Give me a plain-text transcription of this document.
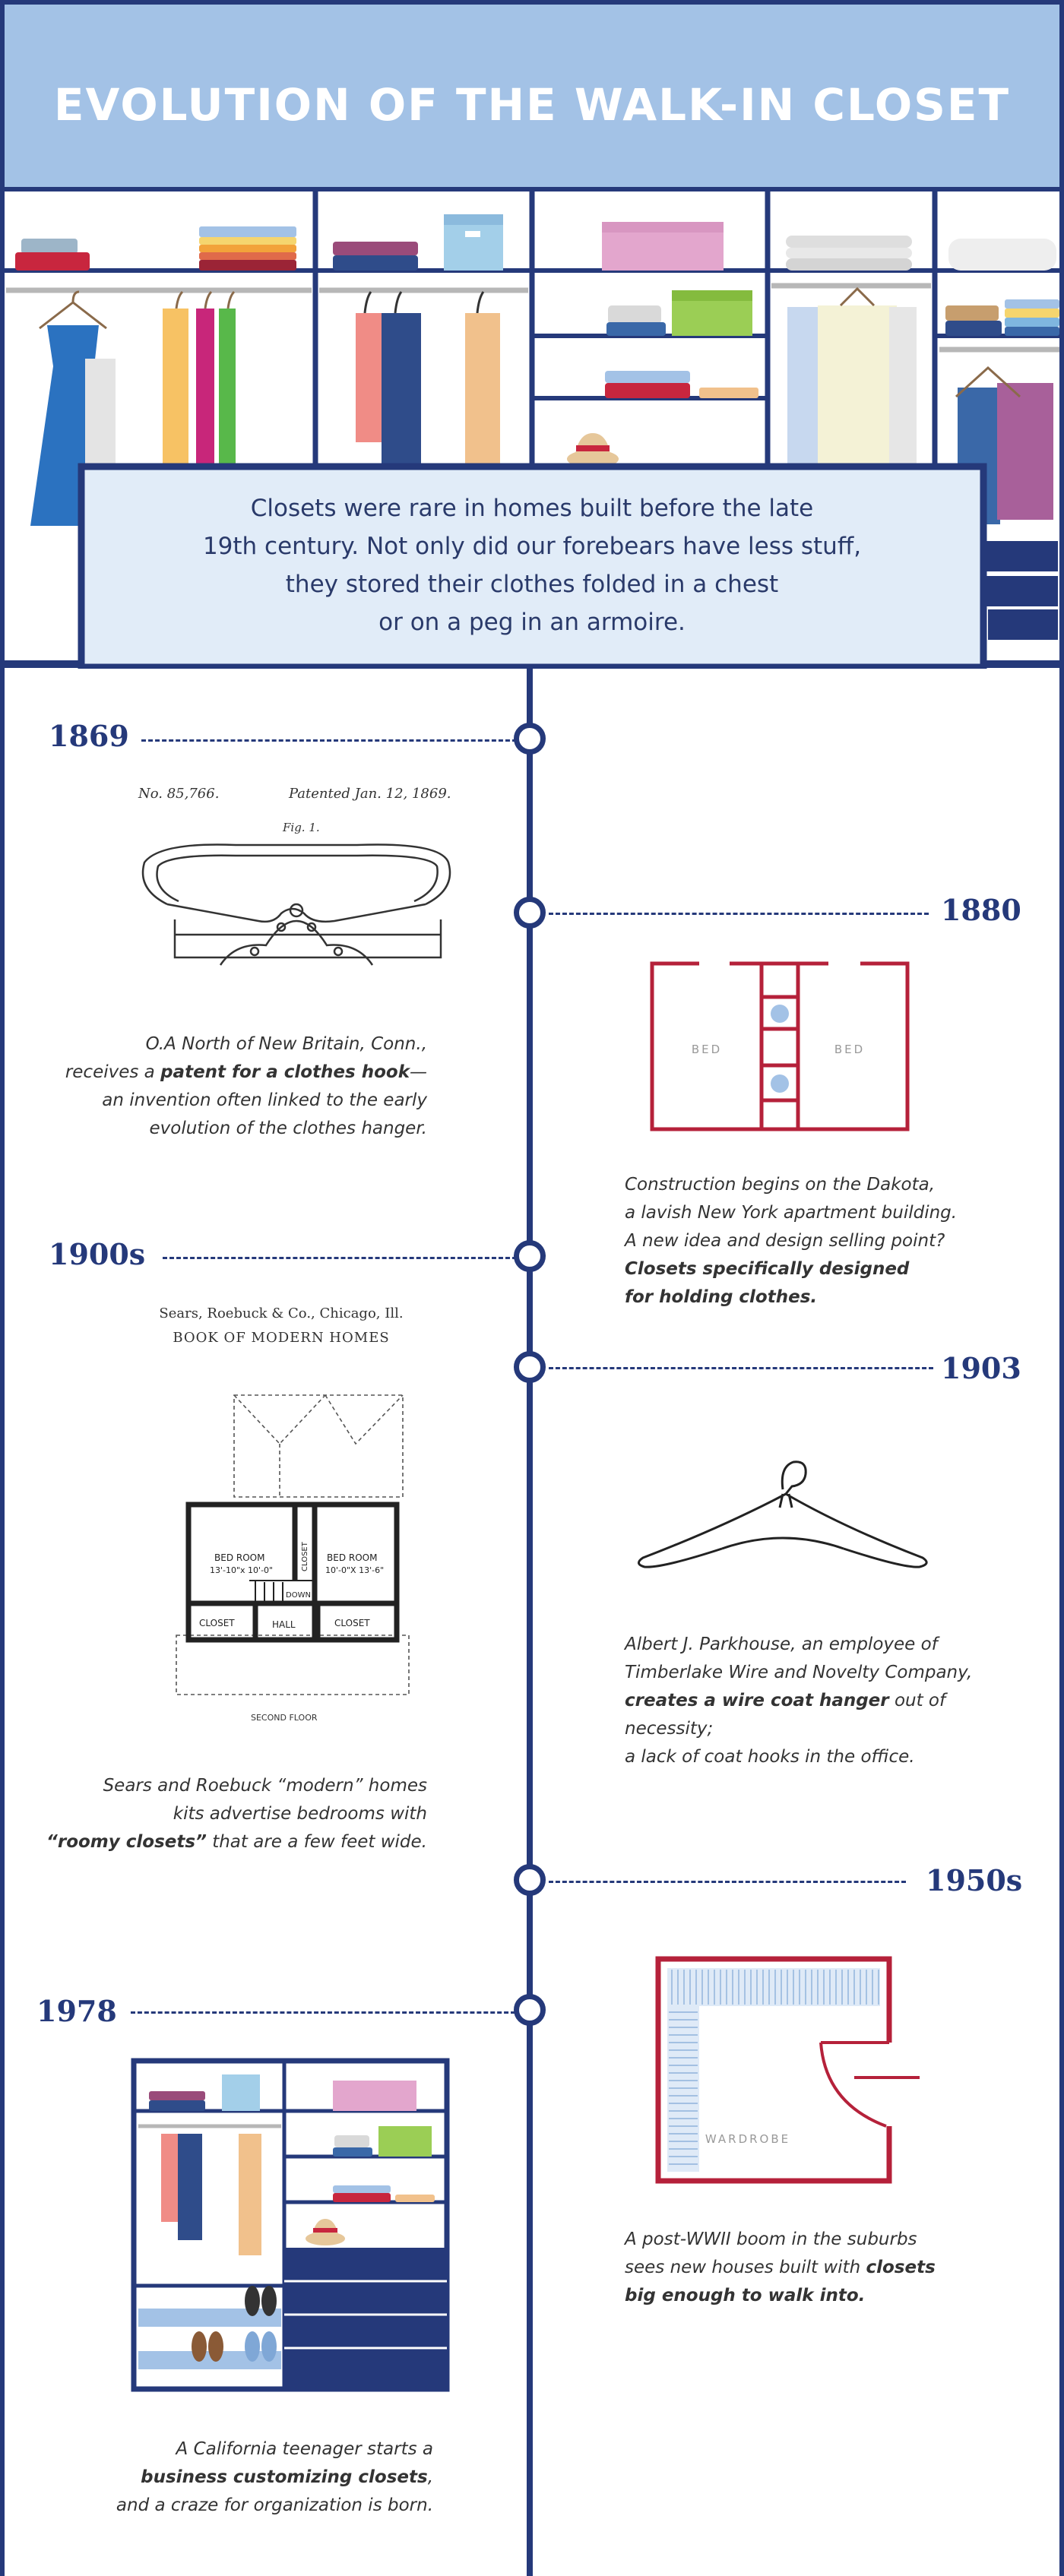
EVOLUTION OF THE WALK-IN CLOSET
Closets were rare in homes built before the late
19th century. Not only did our forebears have less stuff,
they stored their clothes folded in a chest
or on a peg in an armoire.
1869
No. 85,766.	Patented Jan. 12, 1869.
Fig. 1.
O.A North of New Britain, Conn.,
receives a patent for a clothes hook—
an invention often linked to the early
evolution of the clothes hanger.
1880
BED	BED
Construction begins on the Dakota,
a lavish New York apartment building.
A new idea and design selling point?
Closets specifically designed
for holding clothes.
1900s
Sears, Roebuck & Co., Chicago, Ill.
BOOK OF MODERN HOMES
BED ROOM
13'-10"x 10'-0"
BED ROOM
10'-0"X 13'-6"
CLOSET
DOWN
CLOSET	HALL	CLOSET
SECOND FLOOR
Sears and Roebuck “modern” homes
kits advertise bedrooms with
“roomy closets” that are a few feet wide.
1903
Albert J. Parkhouse, an employee of
Timberlake Wire and Novelty Company,
creates a wire coat hanger out of necessity;
a lack of coat hooks in the office.
1950s
WARDROBE
A post-WWII boom in the suburbs
sees new houses built with closets
big enough to walk into.
1978
A California teenager starts a
business customizing closets,
and a craze for organization is born.
